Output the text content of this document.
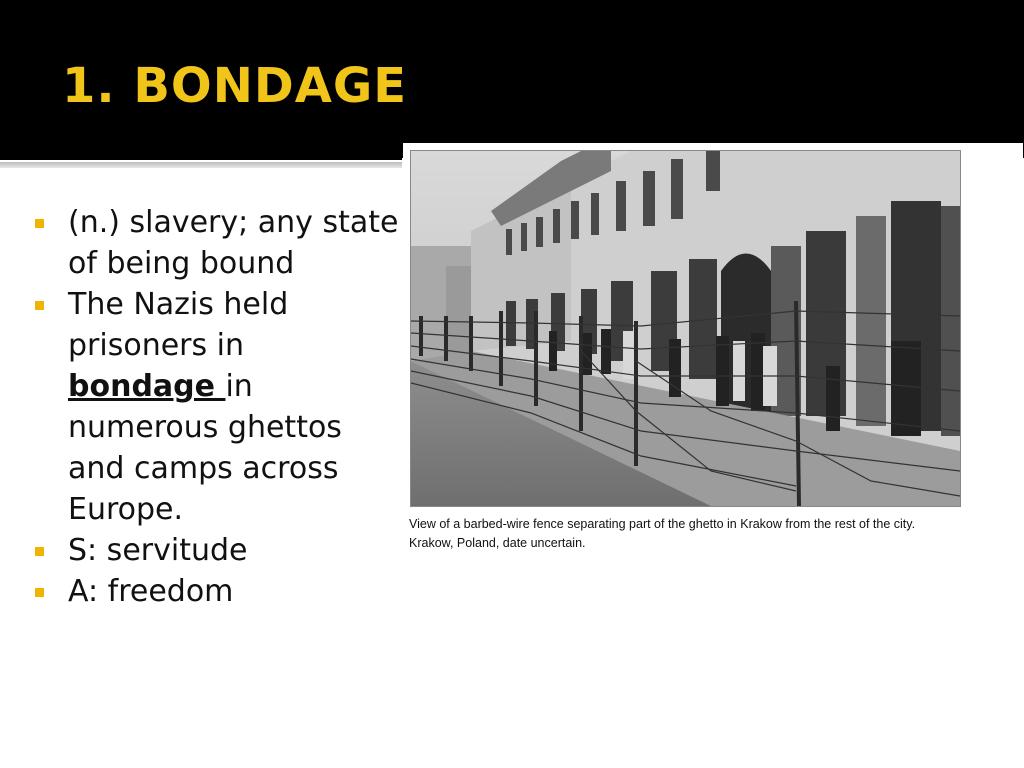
1. BONDAGE
(n.) slavery; any state of being bound
The Nazis held prisoners in bondage in numerous ghettos and camps across Europe.
S: servitude
A: freedom
View of a barbed-wire fence separating part of the ghetto in Krakow from the rest of the city.
Krakow, Poland, date uncertain.
